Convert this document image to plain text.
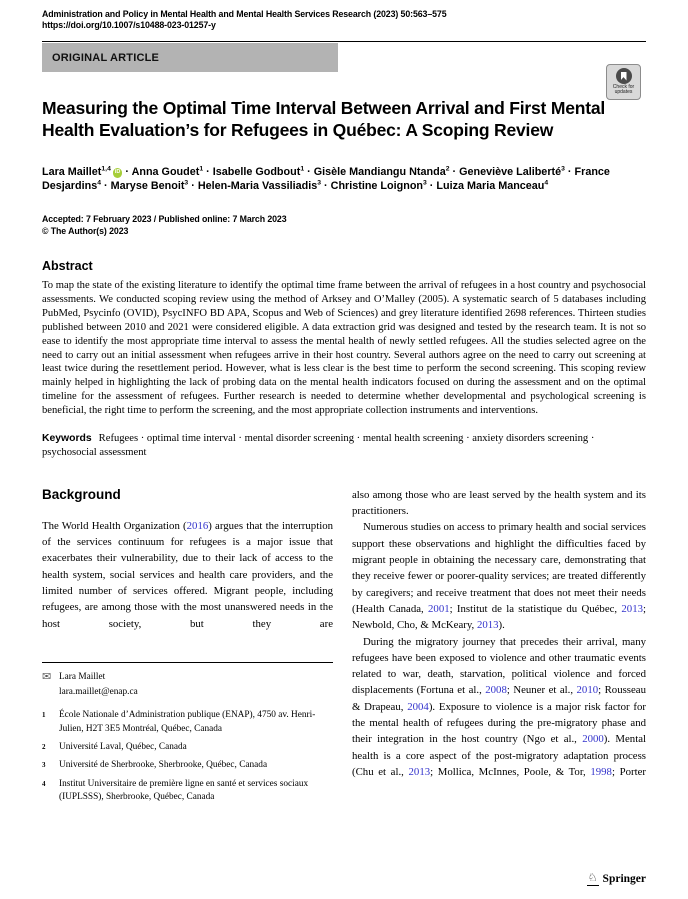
Administration and Policy in Mental Health and Mental Health Services Research (2023) 50:563–575
https://doi.org/10.1007/s10488-023-01257-y
ORIGINAL ARTICLE
Check for
updates
Measuring the Optimal Time Interval Between Arrival and First Mental Health Evaluation’s for Refugees in Québec: A Scoping Review
Lara Maillet$^{1,4}$ iD · Anna Goudet$^1$ · Isabelle Godbout$^1$ · Gisèle Mandiangu Ntanda$^2$ · Geneviève Laliberté$^3$ · France Desjardins$^4$ · Maryse Benoit$^3$ · Helen-Maria Vassiliadis$^3$ · Christine Loignon$^3$ · Luiza Maria Manceau$^4$
Accepted: 7 February 2023 / Published online: 7 March 2023
© The Author(s) 2023
Abstract
To map the state of the existing literature to identify the optimal time frame between the arrival of refugees in a host country and psychosocial assessments. We conducted scoping review using the method of Arksey and O’Malley (2005). A systematic search of 5 databases including PubMed, Psycinfo (OVID), PsycINFO BD APA, Scopus and Web of Sciences) and grey literature identified 2698 references. Thirteen studies published between 2010 and 2021 were considered eligible. A data extraction grid was designed and tested by the research team. It is not so ease to identify the most appropriate time interval to assess the mental health of newly settled refugees. All the studies selected agree on the need to carry out an initial assessment when refugees arrive in their host country. Several authors agree on the need to carry out screening at least twice during the resettlement period. However, what is less clear is the best time to perform the second screening. This scoping review mainly helped in highlighting the lack of probing data on the mental health indicators focused on during the assessment and on the optimal timeline for the assessment of refugees. Further research is needed to determine whether developmental and psychological screening is beneficial, the right time to perform the screening, and the most appropriate collection instruments and interventions.
Keywords Refugees · optimal time interval · mental disorder screening · mental health screening · anxiety disorders screening · psychosocial assessment
Background

The World Health Organization (2016) argues that the interruption of the services continuum for refugees is a major issue that exacerbates their vulnerability, due to their lack of access to the health system, social services and health care providers, and the limited number of services offered. Migrant people, including refugees, are among those with the most unanswered needs in the host society, but they are

✉ Lara Maillet
lara.maillet@enap.ca
1	École Nationale d’Administration publique (ENAP), 4750 av. Henri-Julien, H2T 3E5 Montréal, Québec, Canada
2	Université Laval, Québec, Canada
3	Université de Sherbrooke, Sherbrooke, Québec, Canada
4	Institut Universitaire de première ligne en santé et services sociaux (IUPLSSS), Sherbrooke, Québec, Canada

also among those who are least served by the health system and its practitioners.

Numerous studies on access to primary health and social services support these observations and highlight the difficulties faced by migrant people in obtaining the necessary care, demonstrating that they receive fewer or poorer-quality services; are treated differently by caregivers; and receive treatment that does not meet their needs (Health Canada, 2001; Institut de la statistique du Québec, 2013; Newbold, Cho, & McKeary, 2013).

During the migratory journey that precedes their arrival, many refugees have been exposed to violence and other traumatic events related to war, death, starvation, political violence and forced displacements (Fortuna et al., 2008; Neuner et al., 2010; Rousseau & Drapeau, 2004). Exposure to violence is a major risk factor for the mental health of refugees during the pre-migratory phase and their integration in the host country (Ngo et al., 2000). Mental health is a core aspect of the post-migratory adaptation process (Chu et al., 2013; Mollica, McInnes, Poole, & Tor, 1998; Porter

♘ Springer
